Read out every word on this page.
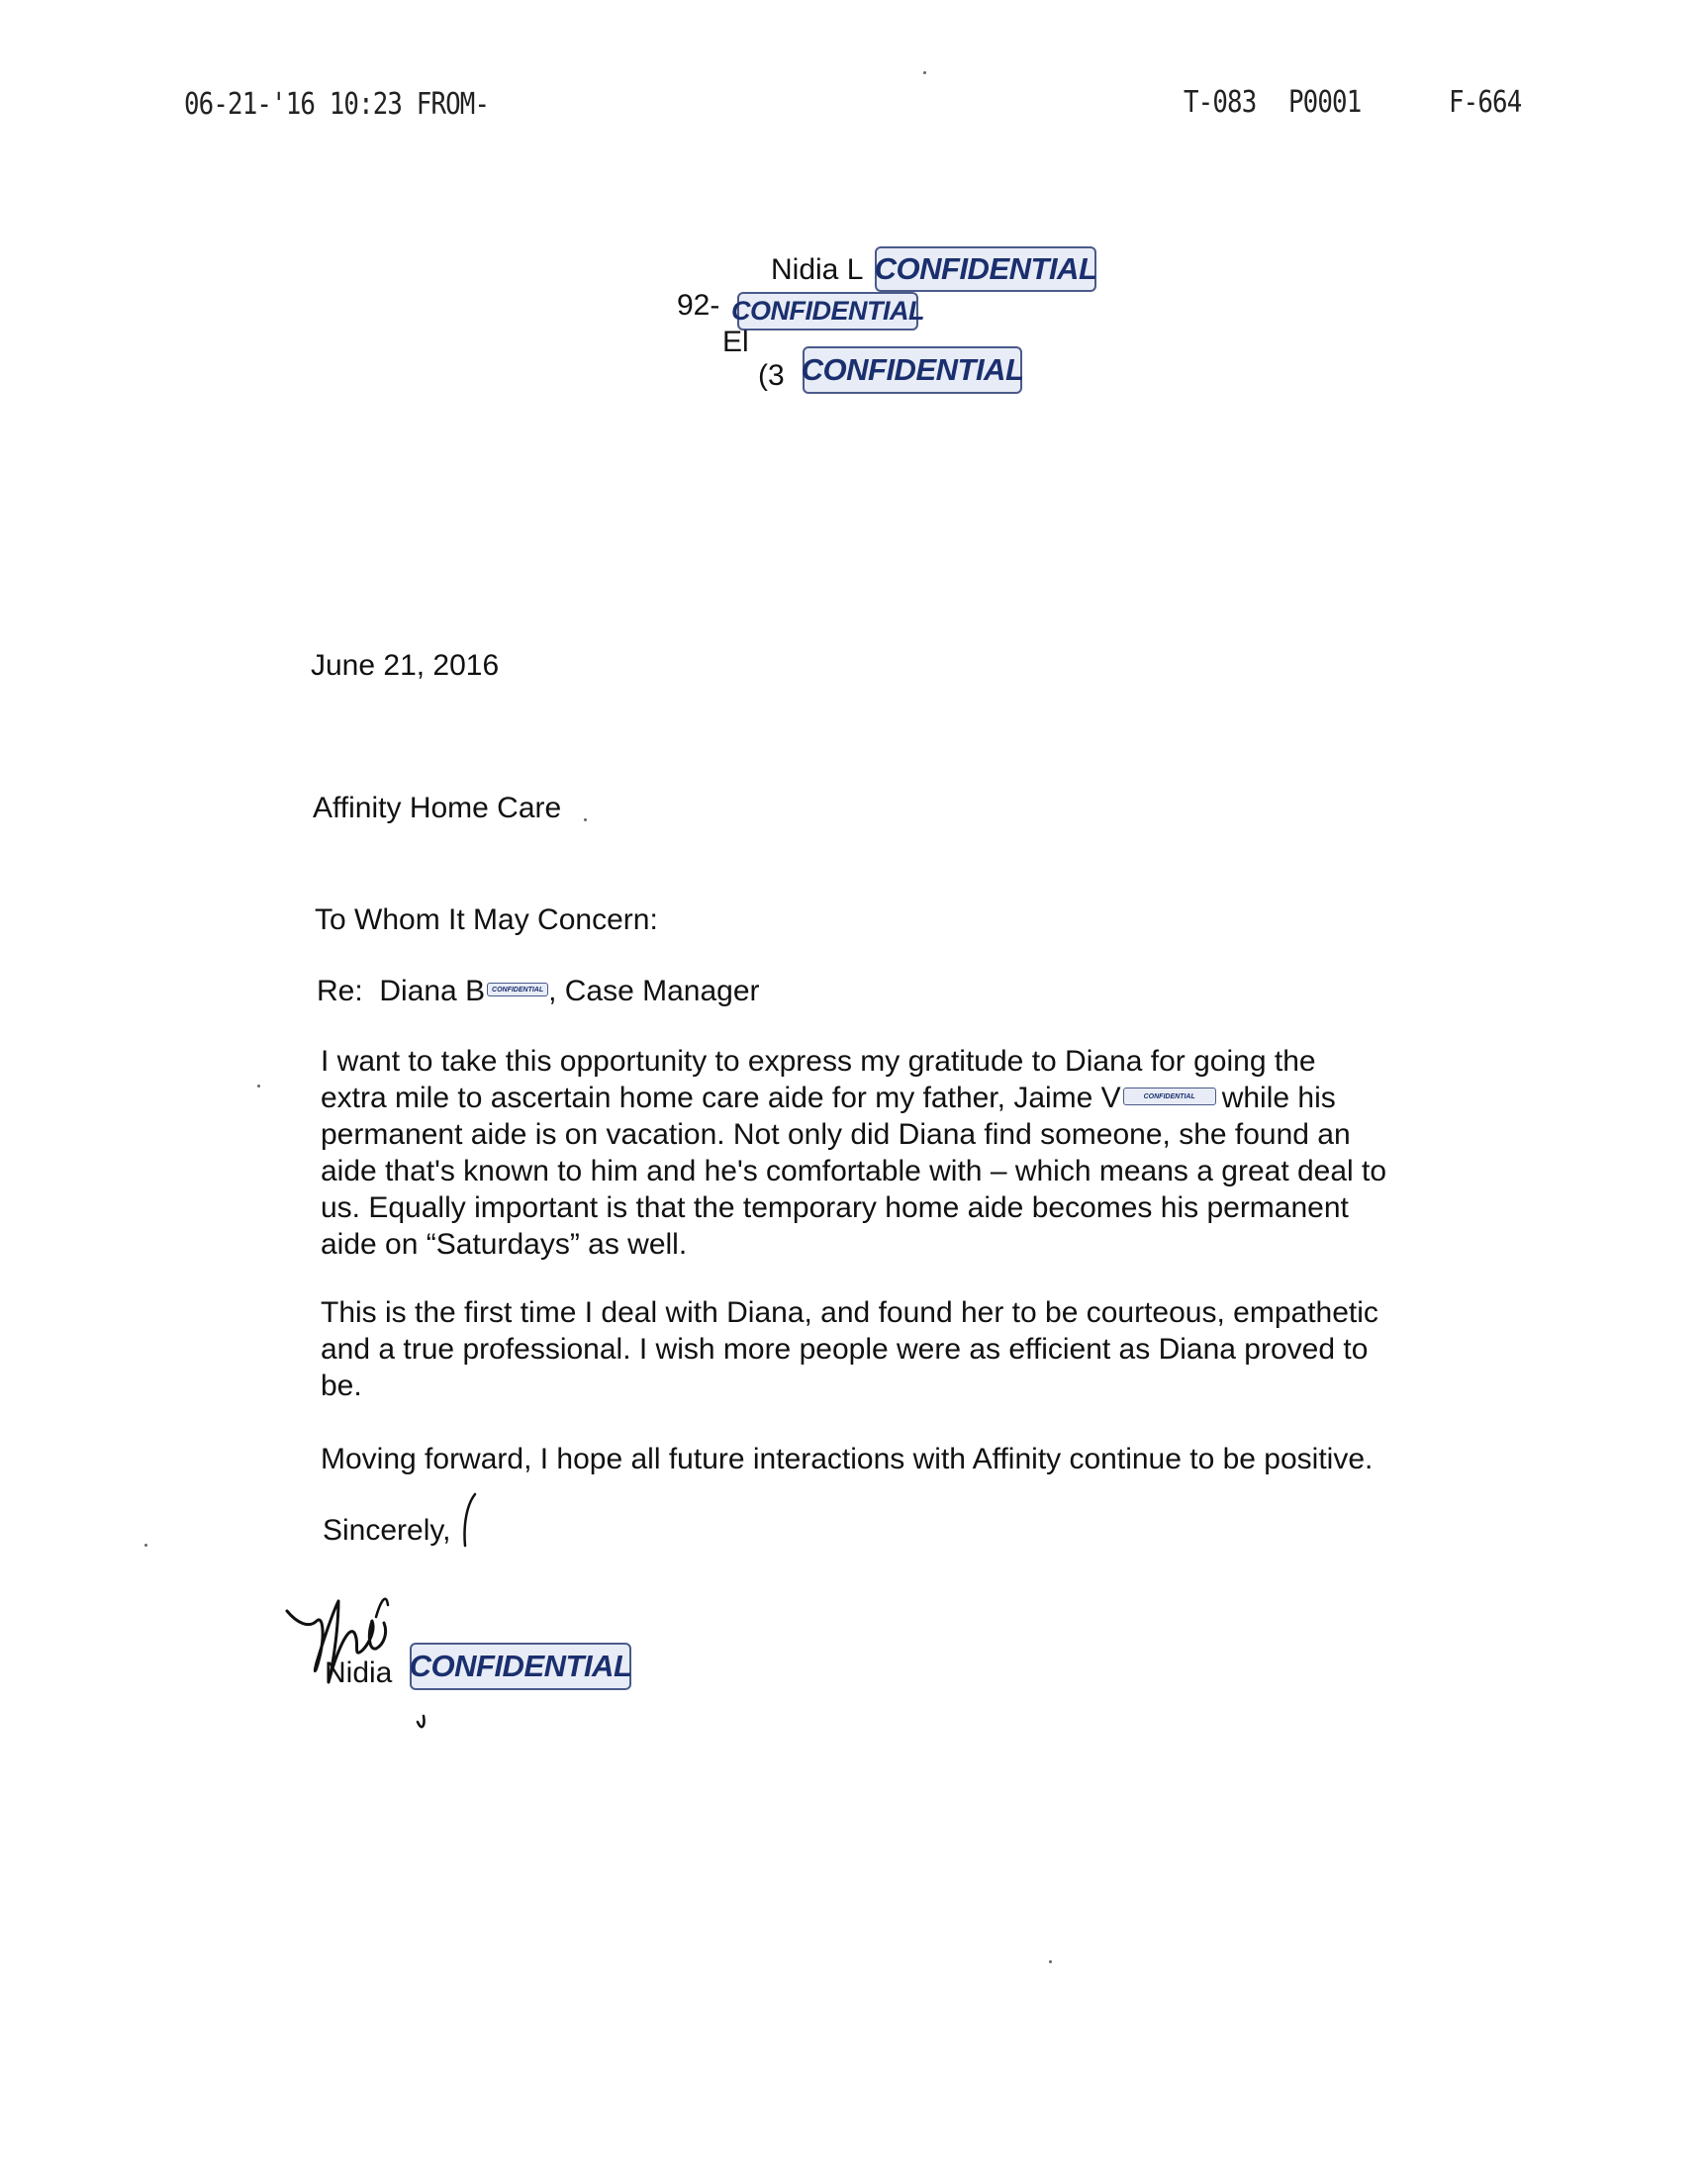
06-21-'16 10:23 FROM-	T-083 P0001	F-664
Nidia L CONFIDENTIAL
92- CONFIDENTIAL
El
(3 CONFIDENTIAL
June 21, 2016
Affinity Home Care
To Whom It May Concern:
Re: Diana B CONFIDENTIAL , Case Manager
I want to take this opportunity to express my gratitude to Diana for going the
extra mile to ascertain home care aide for my father, Jaime V	CONFIDENTIAL while his
permanent aide is on vacation. Not only did Diana find someone, she found an
aide that's known to him and he's comfortable with – which means a great deal to
us. Equally important is that the temporary home aide becomes his permanent
aide on “Saturdays” as well.
This is the first time I deal with Diana, and found her to be courteous, empathetic
and a true professional. I wish more people were as efficient as Diana proved to
be.
Moving forward, I hope all future interactions with Affinity continue to be positive.
Sincerely,
Nidia CONFIDENTIAL
